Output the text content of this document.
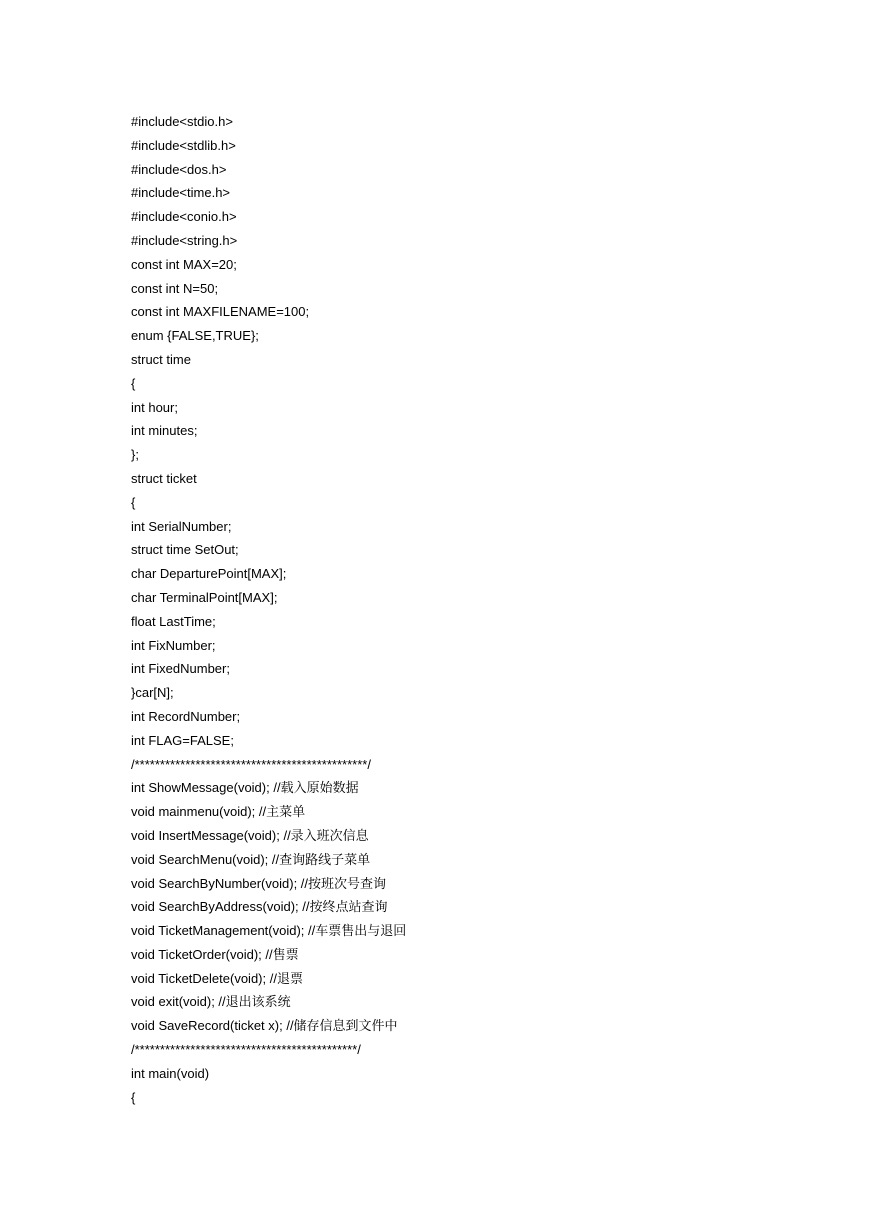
#include<stdio.h>
#include<stdlib.h>
#include<dos.h>
#include<time.h>
#include<conio.h>
#include<string.h>
const int MAX=20;
const int N=50;
const int MAXFILENAME=100;
enum {FALSE,TRUE};
struct time
{
int hour;
int minutes;
};
struct ticket
{
int SerialNumber;
struct time SetOut;
char DeparturePoint[MAX];
char TerminalPoint[MAX];
float LastTime;
int FixNumber;
int FixedNumber;
}car[N];
int RecordNumber;
int FLAG=FALSE;
/**********************************************/
int ShowMessage(void); //载入原始数据
void mainmenu(void); //主菜单
void InsertMessage(void); //录入班次信息
void SearchMenu(void); //查询路线子菜单
void SearchByNumber(void); //按班次号查询
void SearchByAddress(void); //按终点站查询
void TicketManagement(void); //车票售出与退回
void TicketOrder(void); //售票
void TicketDelete(void); //退票
void exit(void); //退出该系统
void SaveRecord(ticket x); //储存信息到文件中
/********************************************/
int main(void)
{
